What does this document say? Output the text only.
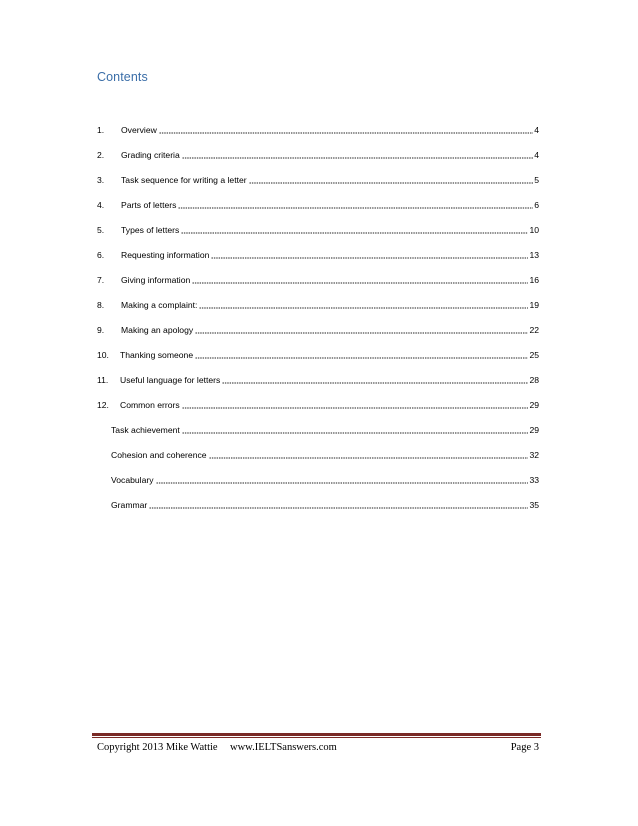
Contents
1.	Overview	4
2.	Grading criteria	4
3.	Task sequence for writing a letter	5
4.	Parts of letters	6
5.	Types of letters	10
6.	Requesting information	13
7.	Giving information	16
8.	Making a complaint:	19
9.	Making an apology	22
10.	Thanking someone	25
11.	Useful language for letters	28
12.	Common errors	29
Task achievement	29
Cohesion and coherence	32
Vocabulary	33
Grammar	35
Copyright 2013 Mike Wattie www.IELTSanswers.com	Page 3
